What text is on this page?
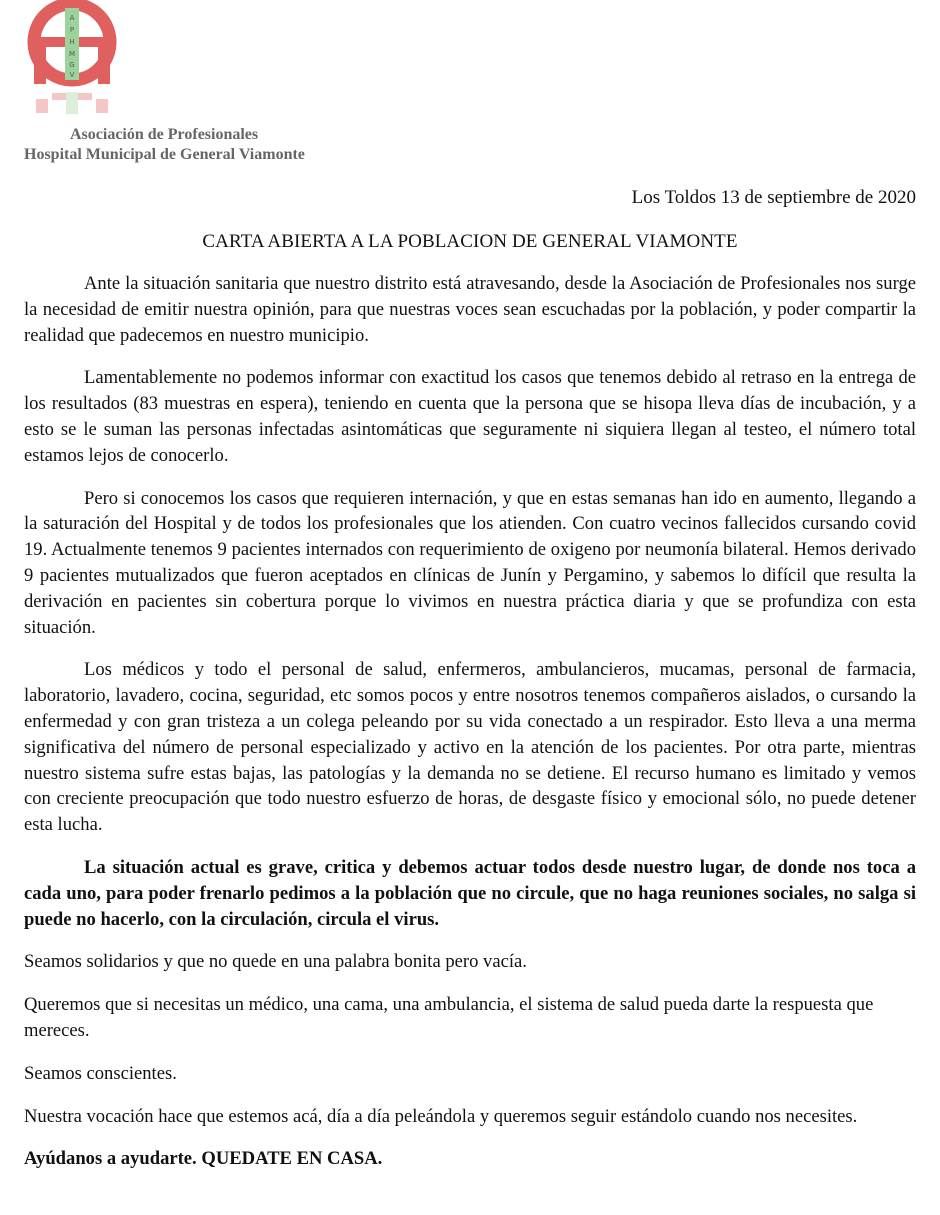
A
P
H
M
G
V
Asociación de Profesionales
Hospital Municipal de General Viamonte
Los Toldos 13 de septiembre de 2020
CARTA ABIERTA A LA POBLACION DE GENERAL VIAMONTE

Ante la situación sanitaria que nuestro distrito está atravesando, desde la Asociación de Profesionales nos surge la necesidad de emitir nuestra opinión, para que nuestras voces sean escuchadas por la población, y poder compartir la realidad que padecemos en nuestro municipio.

Lamentablemente no podemos informar con exactitud los casos que tenemos debido al retraso en la entrega de los resultados (83 muestras en espera), teniendo en cuenta que la persona que se hisopa lleva días de incubación, y a esto se le suman las personas infectadas asintomáticas que seguramente ni siquiera llegan al testeo, el número total estamos lejos de conocerlo.

Pero si conocemos los casos que requieren internación, y que en estas semanas han ido en aumento, llegando a la saturación del Hospital y de todos los profesionales que los atienden. Con cuatro vecinos fallecidos cursando covid 19. Actualmente tenemos 9 pacientes internados con requerimiento de oxigeno por neumonía bilateral. Hemos derivado 9 pacientes mutualizados que fueron aceptados en clínicas de Junín y Pergamino, y sabemos lo difícil que resulta la derivación en pacientes sin cobertura porque lo vivimos en nuestra práctica diaria y que se profundiza con esta situación.

Los médicos y todo el personal de salud, enfermeros, ambulancieros, mucamas, personal de farmacia, laboratorio, lavadero, cocina, seguridad, etc somos pocos y entre nosotros tenemos compañeros aislados, o cursando la enfermedad y con gran tristeza a un colega peleando por su vida conectado a un respirador. Esto lleva a una merma significativa del número de personal especializado y activo en la atención de los pacientes. Por otra parte, mientras nuestro sistema sufre estas bajas, las patologías y la demanda no se detiene. El recurso humano es limitado y vemos con creciente preocupación que todo nuestro esfuerzo de horas, de desgaste físico y emocional sólo, no puede detener esta lucha.

La situación actual es grave, critica y debemos actuar todos desde nuestro lugar, de donde nos toca a cada uno, para poder frenarlo pedimos a la población que no circule, que no haga reuniones sociales, no salga si puede no hacerlo, con la circulación, circula el virus.

Seamos solidarios y que no quede en una palabra bonita pero vacía.

Queremos que si necesitas un médico, una cama, una ambulancia, el sistema de salud pueda darte la respuesta que mereces.

Seamos conscientes.

Nuestra vocación hace que estemos acá, día a día peleándola y queremos seguir estándolo cuando nos necesites.

Ayúdanos a ayudarte. QUEDATE EN CASA.
